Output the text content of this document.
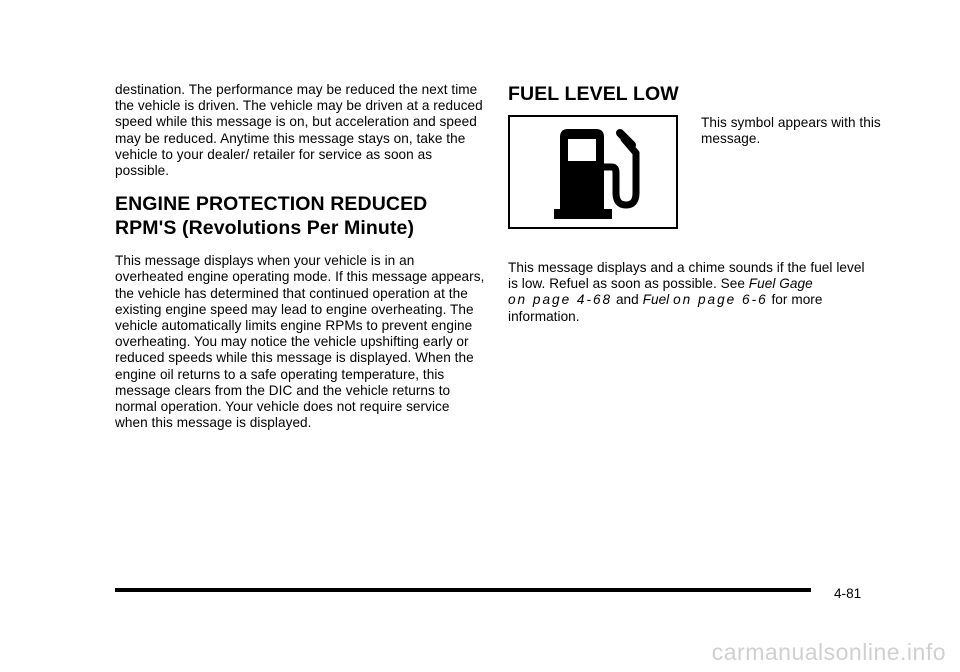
destination. The performance may be reduced the next time the vehicle is driven. The vehicle may be driven at a reduced speed while this message is on, but acceleration and speed may be reduced. Anytime this message stays on, take the vehicle to your dealer/ retailer for service as soon as possible.

ENGINE PROTECTION REDUCED
RPM'S (Revolutions Per Minute)

This message displays when your vehicle is in an overheated engine operating mode. If this message appears, the vehicle has determined that continued operation at the existing engine speed may lead to engine overheating. The vehicle automatically limits engine RPMs to prevent engine overheating. You may notice the vehicle upshifting early or reduced speeds while this message is displayed. When the engine oil returns to a safe operating temperature, this message clears from the DIC and the vehicle returns to normal operation. Your vehicle does not require service when this message is displayed.

FUEL LEVEL LOW

This symbol appears with this message.

This message displays and a chime sounds if the fuel level is low. Refuel as soon as possible. See Fuel Gage
on page 4-68 and Fuel on page 6-6 for more information.

4-81
carmanualsonline.info
